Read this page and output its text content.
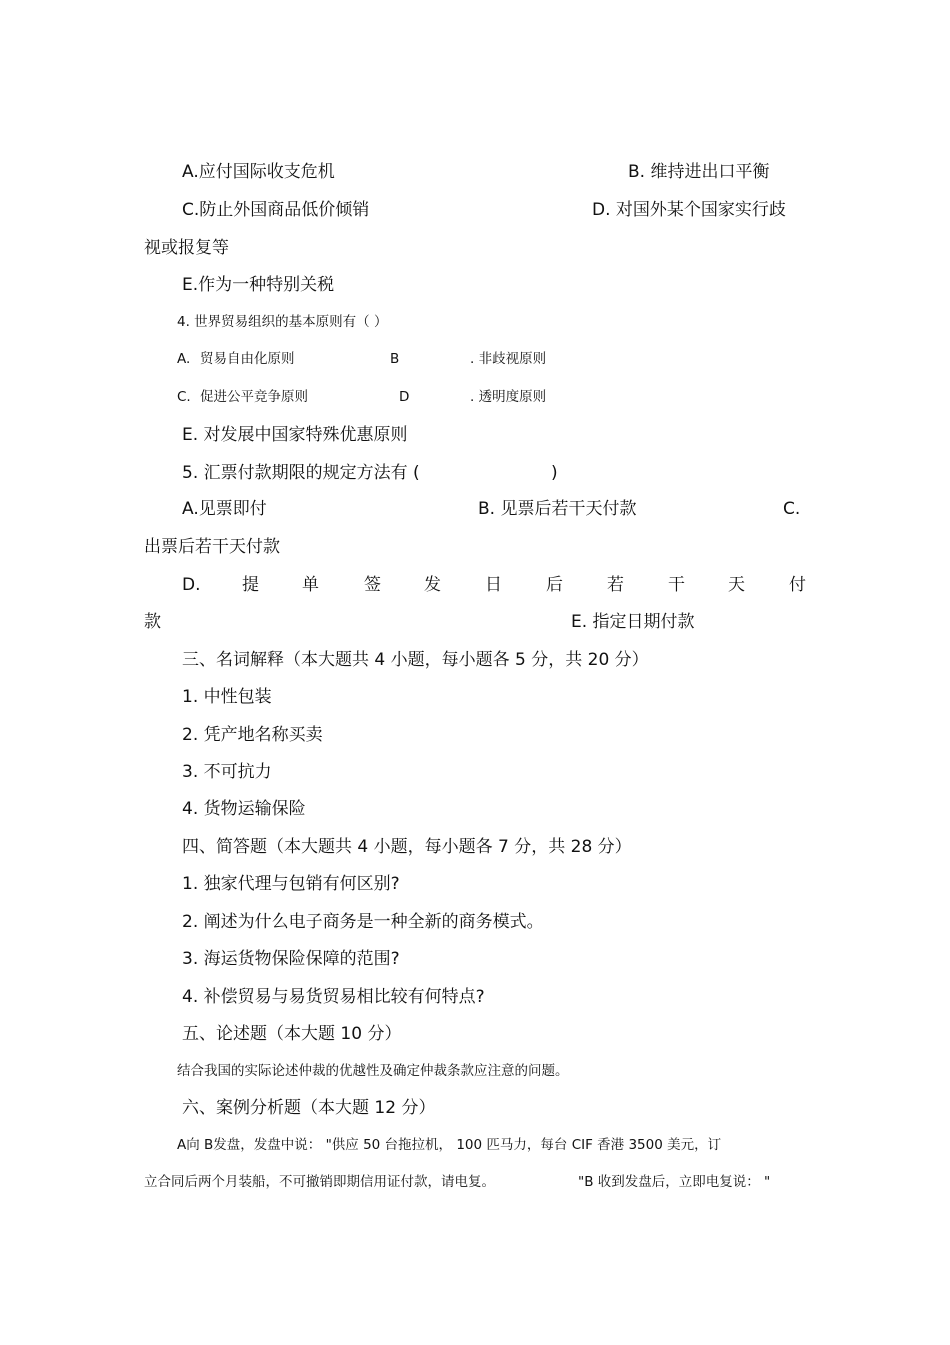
A.应付国际收支危机	B. 维持进出口平衡
C.防止外国商品低价倾销	D. 对国外某个国家实行歧
视或报复等
E.作为一种特别关税
4. 世界贸易组织的基本原则有（ ）
A. 贸易自由化原则	B	. 非歧视原则
C. 促进公平竞争原则	D	. 透明度原则
E. 对发展中国家特殊优惠原则
5. 汇票付款期限的规定方法有 (	)
A.见票即付	B. 见票后若干天付款	C.
出票后若干天付款
D. 提	单	签	发	日	后	若	干	天	付
款	E. 指定日期付款
三、名词解释（本大题共 4 小题，每小题各 5 分，共 20 分）
1. 中性包装
2. 凭产地名称买卖
3. 不可抗力
4. 货物运输保险
四、简答题（本大题共 4 小题，每小题各 7 分，共 28 分）
1. 独家代理与包销有何区别?
2. 阐述为什么电子商务是一种全新的商务模式。
3. 海运货物保险保障的范围?
4. 补偿贸易与易货贸易相比较有何特点?
五、论述题（本大题 10 分）
结合我国的实际论述仲裁的优越性及确定仲裁条款应注意的问题。
六、案例分析题（本大题 12 分）
A向 B发盘，发盘中说： "供应 50 台拖拉机， 100 匹马力，每台 CIF 香港 3500 美元，订
立合同后两个月装船，不可撤销即期信用证付款，请电复。	"B 收到发盘后，立即电复说： "
